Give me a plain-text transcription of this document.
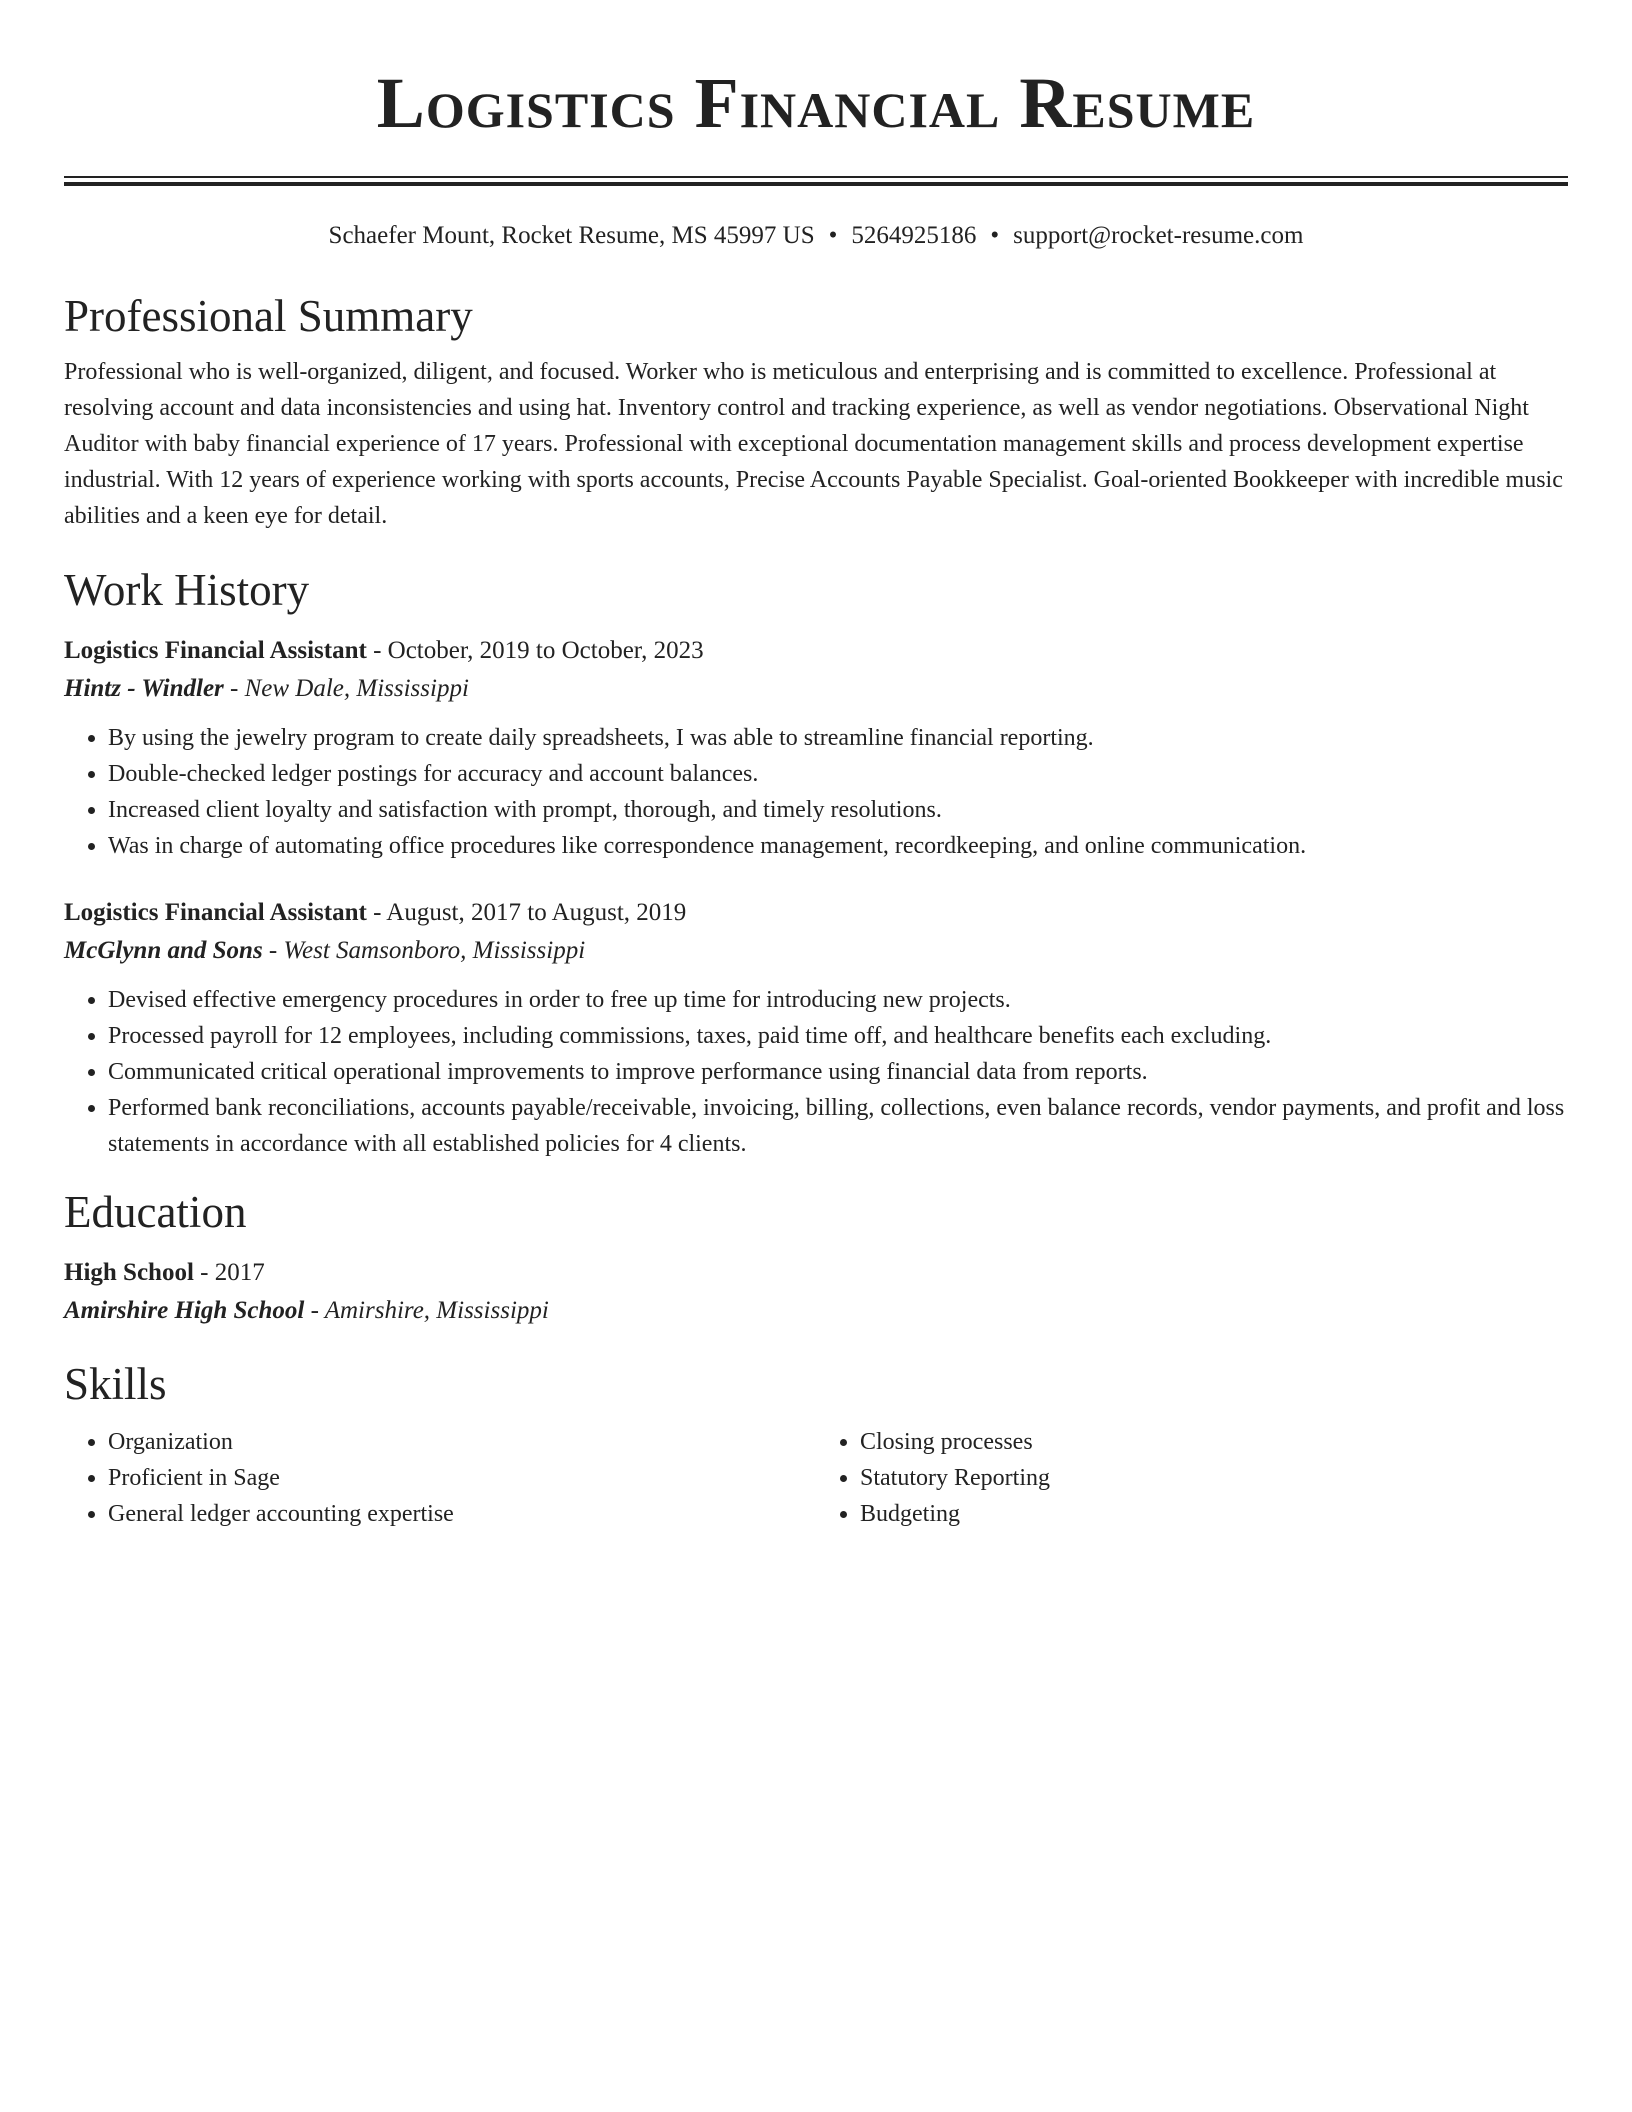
Logistics Financial Resume
Schaefer Mount, Rocket Resume, MS 45997 US • 5264925186 • support@rocket-resume.com
Professional Summary
Professional who is well-organized, diligent, and focused. Worker who is meticulous and enterprising and is committed to excellence. Professional at resolving account and data inconsistencies and using hat. Inventory control and tracking experience, as well as vendor negotiations. Observational Night Auditor with baby financial experience of 17 years. Professional with exceptional documentation management skills and process development expertise industrial. With 12 years of experience working with sports accounts, Precise Accounts Payable Specialist. Goal-oriented Bookkeeper with incredible music abilities and a keen eye for detail.
Work History
Logistics Financial Assistant - October, 2019 to October, 2023
Hintz - Windler - New Dale, Mississippi
• By using the jewelry program to create daily spreadsheets, I was able to streamline financial reporting.
• Double-checked ledger postings for accuracy and account balances.
• Increased client loyalty and satisfaction with prompt, thorough, and timely resolutions.
• Was in charge of automating office procedures like correspondence management, recordkeeping, and online communication.
Logistics Financial Assistant - August, 2017 to August, 2019
McGlynn and Sons - West Samsonboro, Mississippi
• Devised effective emergency procedures in order to free up time for introducing new projects.
• Processed payroll for 12 employees, including commissions, taxes, paid time off, and healthcare benefits each excluding.
• Communicated critical operational improvements to improve performance using financial data from reports.
• Performed bank reconciliations, accounts payable/receivable, invoicing, billing, collections, even balance records, vendor payments, and profit and loss statements in accordance with all established policies for 4 clients.
Education
High School - 2017
Amirshire High School - Amirshire, Mississippi
Skills
• Organization
• Proficient in Sage
• General ledger accounting expertise
• Closing processes
• Statutory Reporting
• Budgeting
